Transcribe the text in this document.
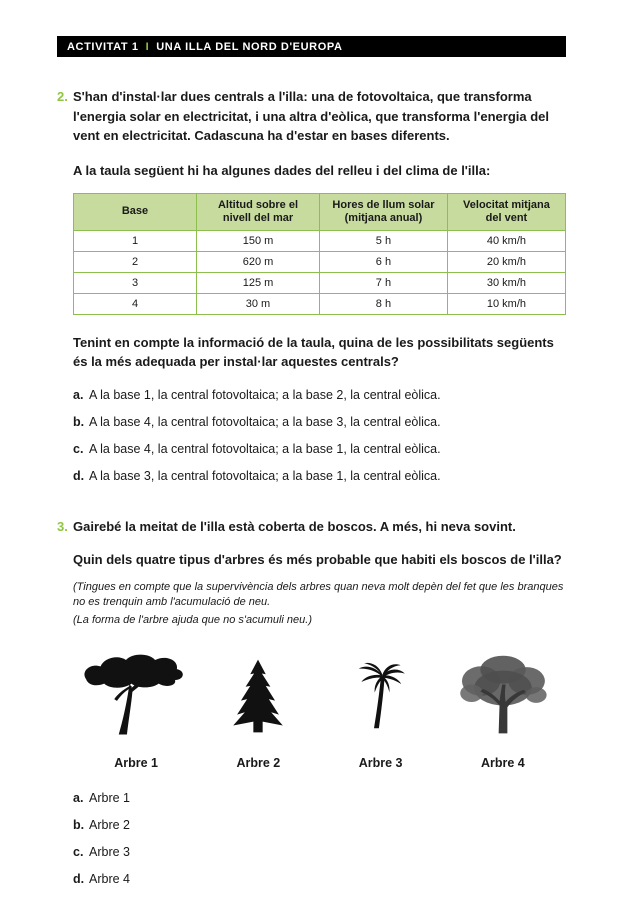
ACTIVITAT 1 I UNA ILLA DEL NORD D'EUROPA
2. S'han d'instal·lar dues centrals a l'illa: una de fotovoltaica, que transforma l'energia solar en electricitat, i una altra d'eòlica, que transforma l'energia del vent en electricitat. Cadascuna ha d'estar en bases diferents.

A la taula següent hi ha algunes dades del relleu i del clima de l'illa:

Base	Altitud sobre el nivell del mar	Hores de llum solar (mitjana anual)	Velocitat mitjana del vent
1	150 m	5 h	40 km/h
2	620 m	6 h	20 km/h
3	125 m	7 h	30 km/h
4	30 m	8 h	10 km/h

Tenint en compte la informació de la taula, quina de les possibilitats següents és la més adequada per instal·lar aquestes centrals?

a. A la base 1, la central fotovoltaica; a la base 2, la central eòlica.
b. A la base 4, la central fotovoltaica; a la base 3, la central eòlica.
c. A la base 4, la central fotovoltaica; a la base 1, la central eòlica.
d. A la base 3, la central fotovoltaica; a la base 1, la central eòlica.
3. Gairebé la meitat de l'illa està coberta de boscos. A més, hi neva sovint.

Quin dels quatre tipus d'arbres és més probable que habiti els boscos de l'illa?

(Tingues en compte que la supervivència dels arbres quan neva molt depèn del fet que les branques no es trenquin amb l'acumulació de neu.

(La forma de l'arbre ajuda que no s'acumuli neu.)

Arbre 1	Arbre 2	Arbre 3	Arbre 4
a. Arbre 1
b. Arbre 2
c. Arbre 3
d. Arbre 4
